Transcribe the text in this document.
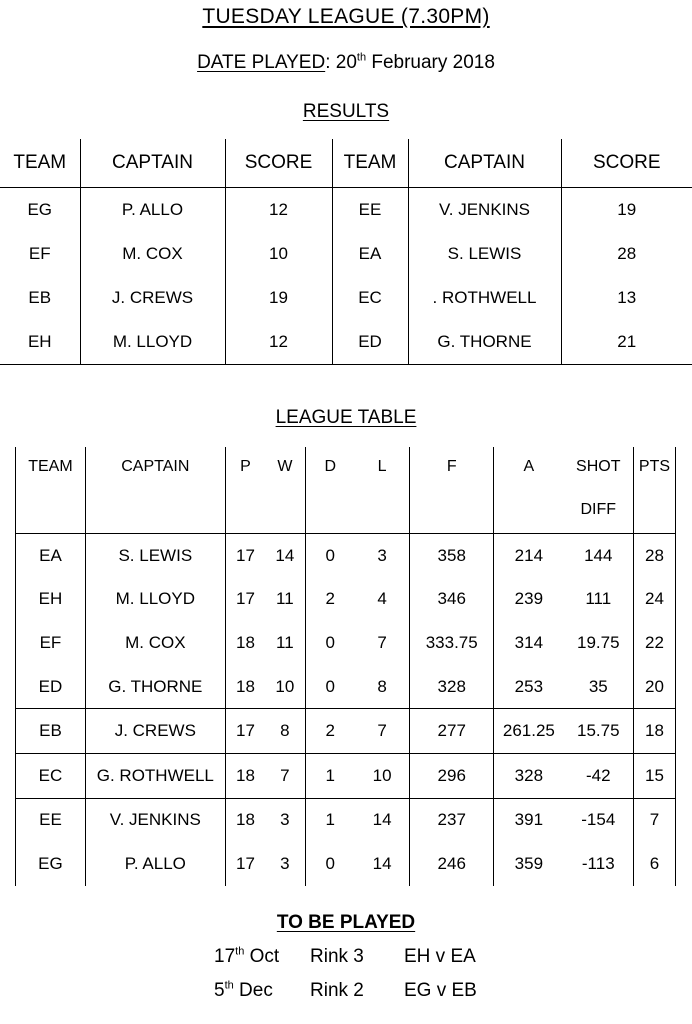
TUESDAY LEAGUE (7.30PM)
DATE PLAYED: 20th February 2018
RESULTS
TEAM	CAPTAIN	SCORE	TEAM	CAPTAIN	SCORE
EG	P. ALLO	12	EE	V. JENKINS	19
EF	M. COX	10	EA	S. LEWIS	28
EB	J. CREWS	19	EC	. ROTHWELL	13
EH	M. LLOYD	12	ED	G. THORNE	21
LEAGUE TABLE
TEAM	CAPTAIN	P	W	D	L	F	A	SHOT	PTS
								DIFF	
EA	S. LEWIS	17	14	0	3	358	214	144	28
EH	M. LLOYD	17	11	2	4	346	239	111	24
EF	M. COX	18	11	0	7	333.75	314	19.75	22
ED	G. THORNE	18	10	0	8	328	253	35	20
EB	J. CREWS	17	8	2	7	277	261.25	15.75	18
EC	G. ROTHWELL	18	7	1	10	296	328	-42	15
EE	V. JENKINS	18	3	1	14	237	391	-154	7
EG	P. ALLO	17	3	0	14	246	359	-113	6
TO BE PLAYED
17th Oct Rink 3 EH v EA
5th Dec Rink 2 EG v EB
